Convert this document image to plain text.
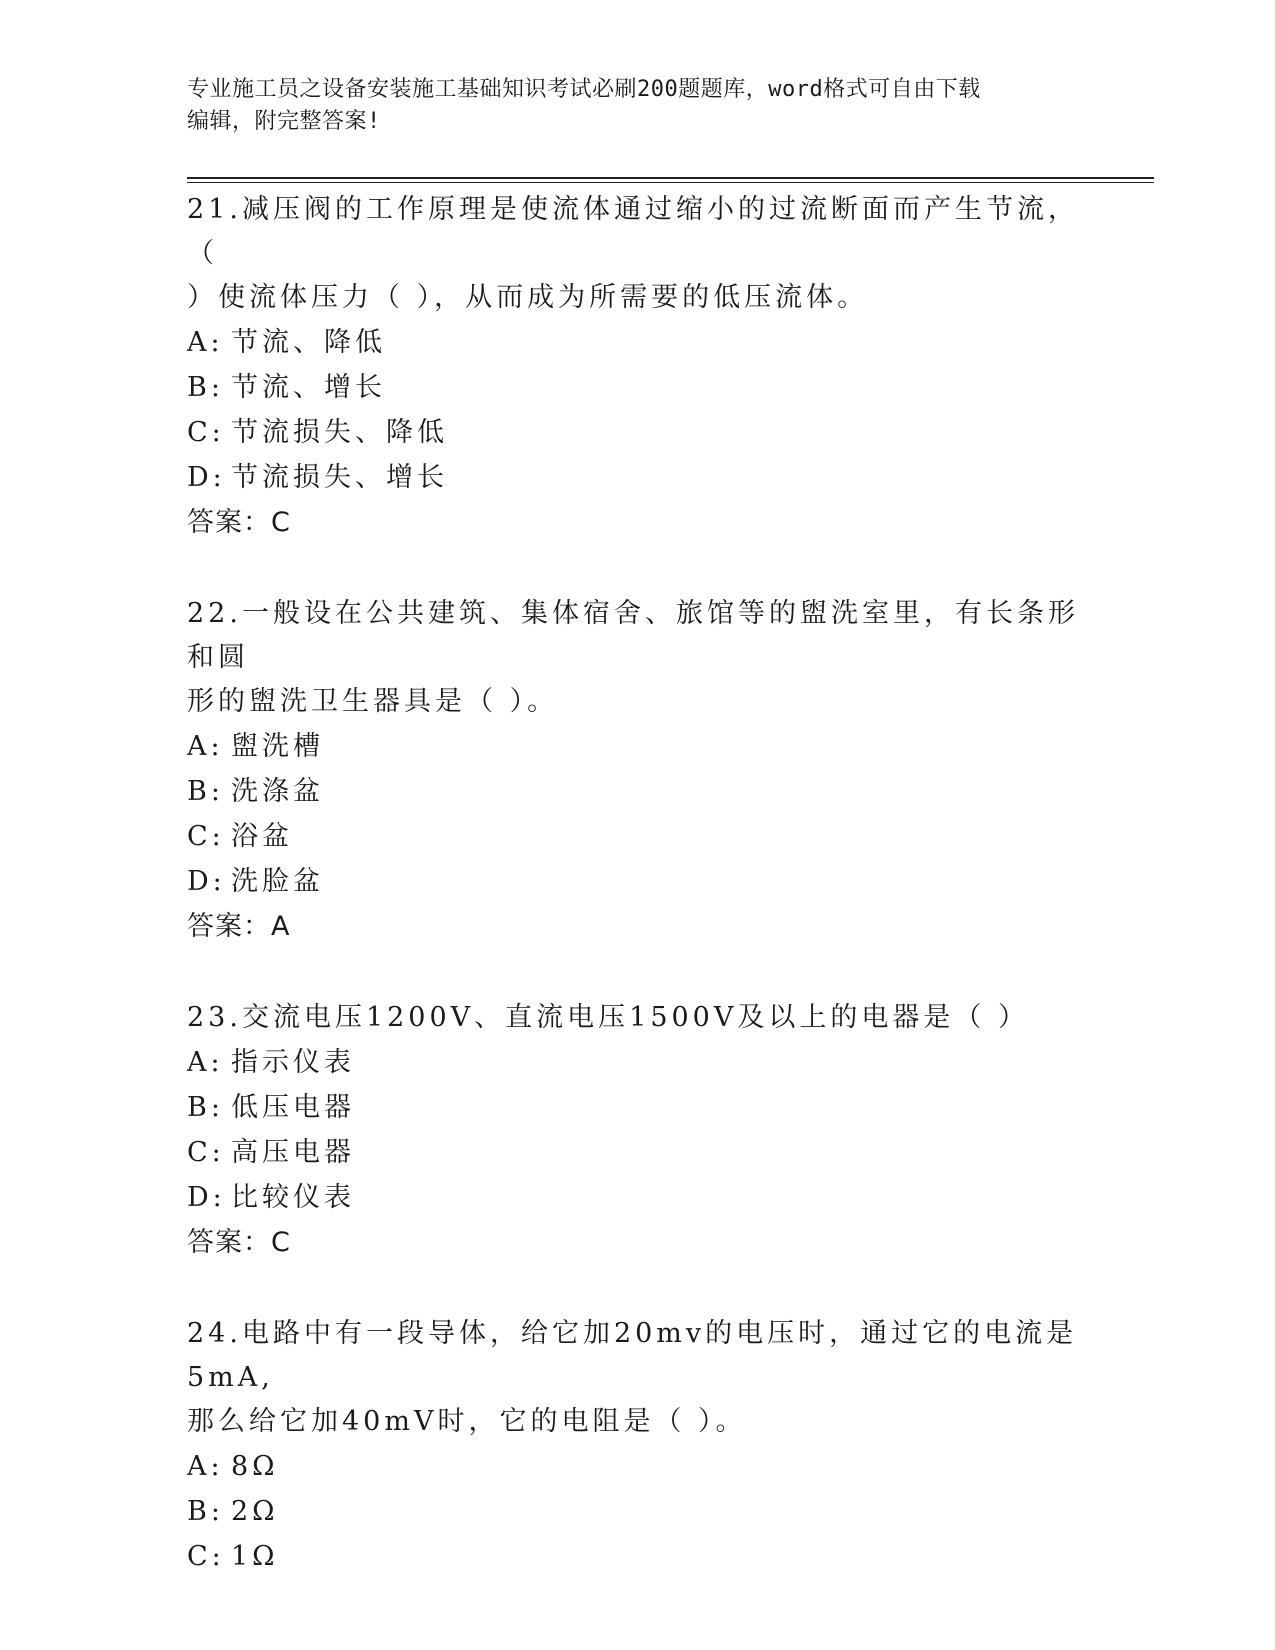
专业施工员之设备安装施工基础知识考试必刷200题题库，word格式可自由下载
编辑，附完整答案!

21.减压阀的工作原理是使流体通过缩小的过流断面而产生节流，（

）使流体压力（ ），从而成为所需要的低压流体。

A: 节流、降低

B: 节流、增长

C: 节流损失、降低

D: 节流损失、增长

答案：C

22.一般设在公共建筑、集体宿舍、旅馆等的盥洗室里，有长条形和圆

形的盥洗卫生器具是（ ）。

A: 盥洗槽

B: 洗涤盆

C: 浴盆

D: 洗脸盆

答案：A

23.交流电压1200V、直流电压1500V及以上的电器是（ ）

A: 指示仪表

B: 低压电器

C: 高压电器

D: 比较仪表

答案：C

24.电路中有一段导体，给它加20mv的电压时，通过它的电流是5mA,

那么给它加40mV时，它的电阻是（ ）。

A: 8Ω

B: 2Ω

C: 1Ω
